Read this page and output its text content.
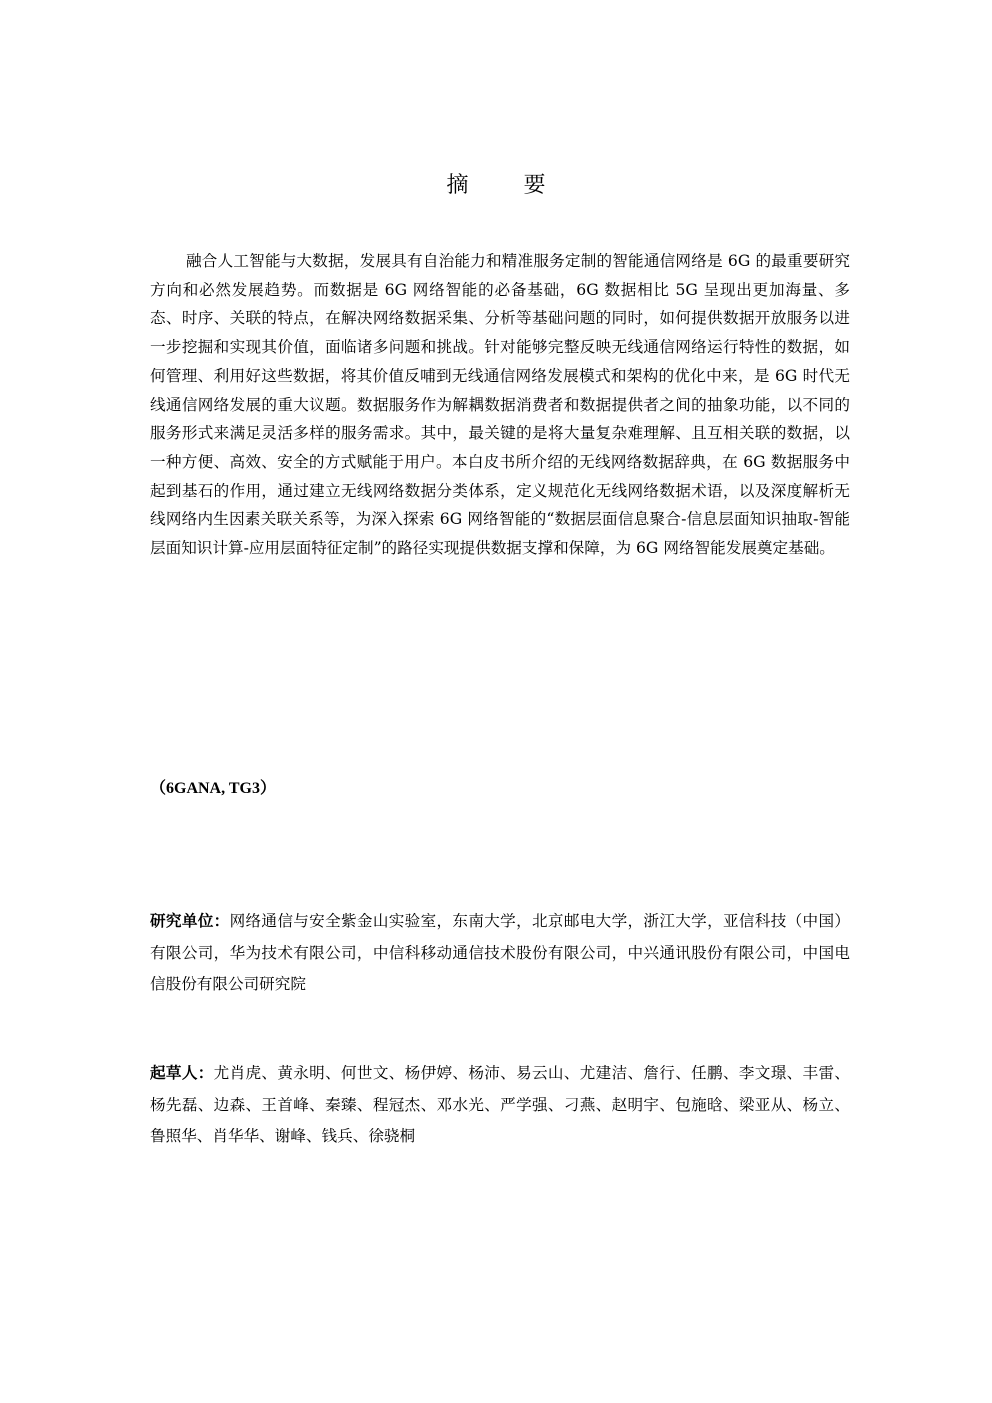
摘 要

融合人工智能与大数据，发展具有自治能力和精准服务定制的智能通信网络是 6G 的最重要研究方向和必然发展趋势。而数据是 6G 网络智能的必备基础，6G 数据相比 5G 呈现出更加海量、多态、时序、关联的特点，在解决网络数据采集、分析等基础问题的同时，如何提供数据开放服务以进一步挖掘和实现其价值，面临诸多问题和挑战。针对能够完整反映无线通信网络运行特性的数据，如何管理、利用好这些数据，将其价值反哺到无线通信网络发展模式和架构的优化中来，是 6G 时代无线通信网络发展的重大议题。数据服务作为解耦数据消费者和数据提供者之间的抽象功能，以不同的服务形式来满足灵活多样的服务需求。其中，最关键的是将大量复杂难理解、且互相关联的数据，以一种方便、高效、安全的方式赋能于用户。本白皮书所介绍的无线网络数据辞典，在 6G 数据服务中起到基石的作用，通过建立无线网络数据分类体系，定义规范化无线网络数据术语，以及深度解析无线网络内生因素关联关系等，为深入探索 6G 网络智能的“数据层面信息聚合-信息层面知识抽取-智能层面知识计算-应用层面特征定制”的路径实现提供数据支撑和保障，为 6G 网络智能发展奠定基础。

（6GANA, TG3）
研究单位：网络通信与安全紫金山实验室，东南大学，北京邮电大学，浙江大学，亚信科技（中国）有限公司，华为技术有限公司，中信科移动通信技术股份有限公司，中兴通讯股份有限公司，中国电信股份有限公司研究院
起草人：尤肖虎、黄永明、何世文、杨伊婷、杨沛、易云山、尤建洁、詹行、任鹏、李文璟、丰雷、杨先磊、边森、王首峰、秦臻、程冠杰、邓水光、严学强、刁燕、赵明宇、包施晗、梁亚从、杨立、鲁照华、肖华华、谢峰、钱兵、徐骁桐
